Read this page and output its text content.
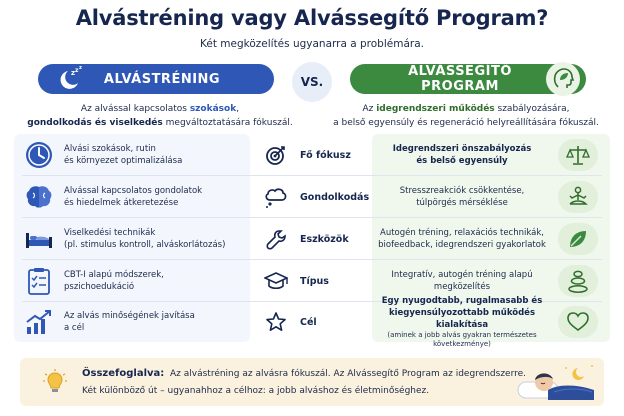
Alvástréning vagy Alvássegítő Program?
Két megközelítés ugyanarra a problémára.
z z z
ALVÁSTRÉNING	VS.
ALVÁSSEGÍTŐ PROGRAM
Az alvással kapcsolatos szokások,
gondolkodás és viselkedés megváltoztatására fókuszál.
Az idegrendszeri működés szabályozására,
a belső egyensúly és regeneráció helyreállítására fókuszál.
Alvási szokások, rutin
és környezet optimalizálása
Fő fókusz
Idegrendszeri önszabályozás
és belső egyensúly
Alvással kapcsolatos gondolatok
és hiedelmek átkeretezése
Gondolkodás
Stresszreakciók csökkentése,
túlpörgés mérséklése
Viselkedési technikák
(pl. stimulus kontroll, alváskorlátozás)
Eszközök
Autogén tréning, relaxációs technikák,
biofeedback, idegrendszeri gyakorlatok
CBT-I alapú módszerek,
pszichoedukáció
Típus
Integratív, autogén tréning alapú
megközelítés
Az alvás minőségének javítása
a cél
Cél
Egy nyugodtabb, rugalmasabb és
kiegyensúlyozottabb működés kialakítása
(aminek a jobb alvás gyakran természetes következménye)
Összefoglalva: Az alvástréning az alvásra fókuszál. Az Alvássegítő Program az idegrendszerre.
Két különböző út – ugyanahhoz a célhoz: a jobb alváshoz és életminőséghez.
